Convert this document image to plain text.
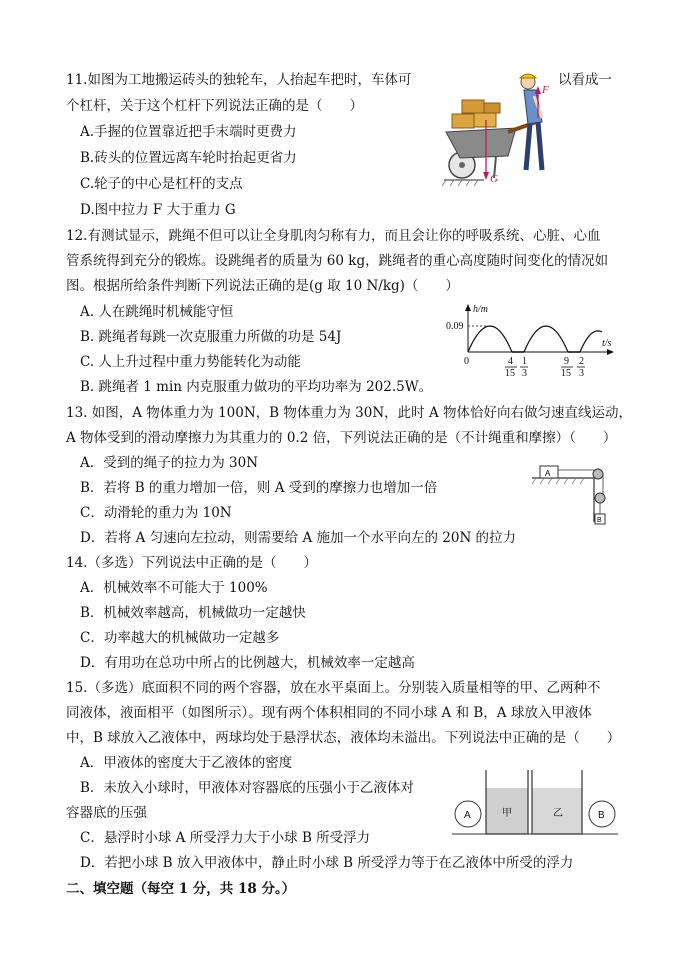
11.如图为工地搬运砖头的独轮车，人抬起车把时，车体可	以看成一
个杠杆，关于这个杠杆下列说法正确的是（　　）
A.手握的位置靠近把手末端时更费力
B.砖头的位置远离车轮时抬起更省力
C.轮子的中心是杠杆的支点
D.图中拉力 F 大于重力 G
F
G
12.有测试显示，跳绳不但可以让全身肌肉匀称有力，而且会让你的呼吸系统、心脏、心血
管系统得到充分的锻炼。设跳绳者的质量为 60 kg，跳绳者的重心高度随时间变化的情况如
图。根据所给条件判断下列说法正确的是(g 取 10 N/kg)（　　）
A. 人在跳绳时机械能守恒
B. 跳绳者每跳一次克服重力所做的功是 54J
C. 人上升过程中重力势能转化为动能
B. 跳绳者 1 min 内克服重力做功的平均功率为 202.5W。
h/m
t/s
0.09
0	4
15
1
3
9
15
2
3
13. 如图，A 物体重力为 100N，B 物体重力为 30N，此时 A 物体恰好向右做匀速直线运动，
A 物体受到的滑动摩擦力为其重力的 0.2 倍，下列说法正确的是（不计绳重和摩擦）（　　）
A．受到的绳子的拉力为 30N
B．若将 B 的重力增加一倍，则 A 受到的摩擦力也增加一倍
C．动滑轮的重力为 10N
D．若将 A 匀速向左拉动，则需要给 A 施加一个水平向左的 20N 的拉力
A
B
14.（多选）下列说法中正确的是（　　）
A．机械效率不可能大于 100%
B．机械效率越高，机械做功一定越快
C．功率越大的机械做功一定越多
D．有用功在总功中所占的比例越大，机械效率一定越高
15.（多选）底面积不同的两个容器，放在水平桌面上。分别装入质量相等的甲、乙两种不
同液体，液面相平（如图所示）。现有两个体积相同的不同小球 A 和 B，A 球放入甲液体
中，B 球放入乙液体中，两球均处于悬浮状态，液体均未溢出。下列说法中正确的是（　　）
A．甲液体的密度大于乙液体的密度
B．未放入小球时，甲液体对容器底的压强小于乙液体对
容器底的压强
C．悬浮时小球 A 所受浮力大于小球 B 所受浮力
D．若把小球 B 放入甲液体中，静止时小球 B 所受浮力等于在乙液体中所受的浮力
A	甲	乙	B
二、填空题（每空 1 分，共 18 分。）
